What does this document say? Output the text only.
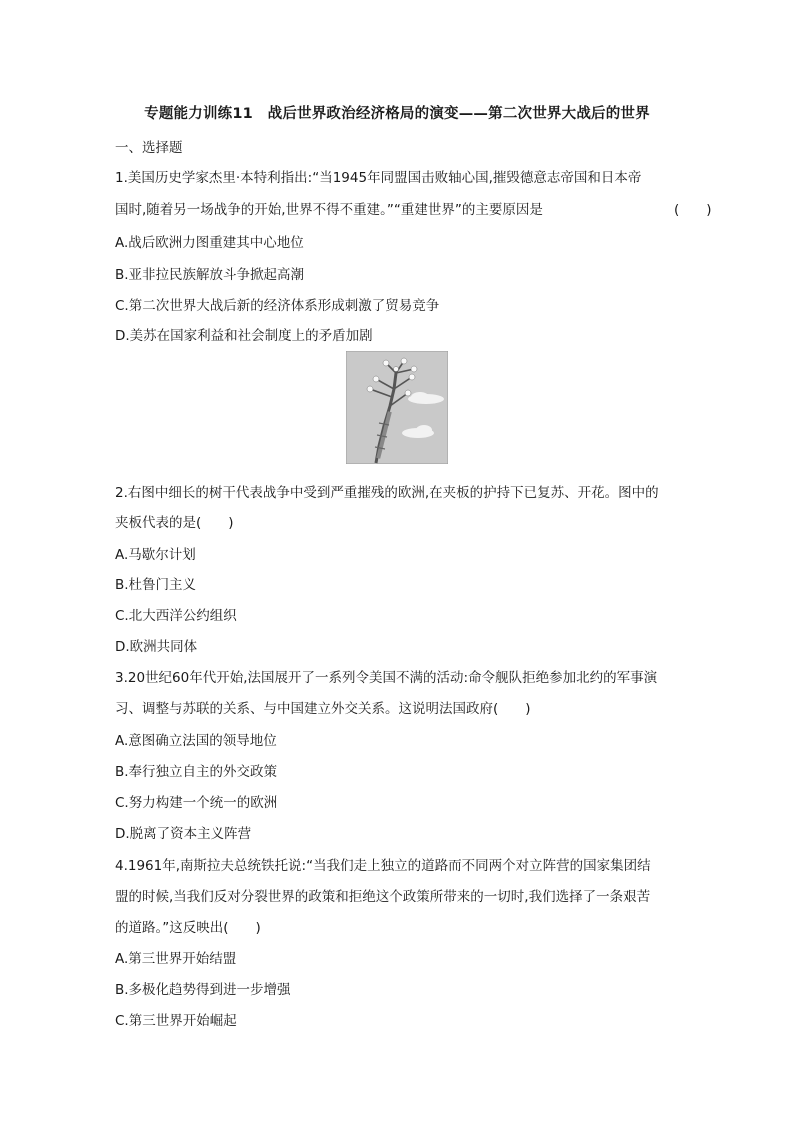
专题能力训练11　战后世界政治经济格局的演变——第二次世界大战后的世界
一、选择题
1.美国历史学家杰里·本特利指出:“当1945年同盟国击败轴心国,摧毁德意志帝国和日本帝
国时,随着另一场战争的开始,世界不得不重建。”“重建世界”的主要原因是	(　　)
A.战后欧洲力图重建其中心地位
B.亚非拉民族解放斗争掀起高潮
C.第二次世界大战后新的经济体系形成刺激了贸易竞争
D.美苏在国家利益和社会制度上的矛盾加剧
2.右图中细长的树干代表战争中受到严重摧残的欧洲,在夹板的护持下已复苏、开花。图中的
夹板代表的是(　　)
A.马歇尔计划
B.杜鲁门主义
C.北大西洋公约组织
D.欧洲共同体
3.20世纪60年代开始,法国展开了一系列令美国不满的活动:命令舰队拒绝参加北约的军事演
习、调整与苏联的关系、与中国建立外交关系。这说明法国政府(　　)
A.意图确立法国的领导地位
B.奉行独立自主的外交政策
C.努力构建一个统一的欧洲
D.脱离了资本主义阵营
4.1961年,南斯拉夫总统铁托说:“当我们走上独立的道路而不同两个对立阵营的国家集团结
盟的时候,当我们反对分裂世界的政策和拒绝这个政策所带来的一切时,我们选择了一条艰苦
的道路。”这反映出(　　)
A.第三世界开始结盟
B.多极化趋势得到进一步增强
C.第三世界开始崛起
